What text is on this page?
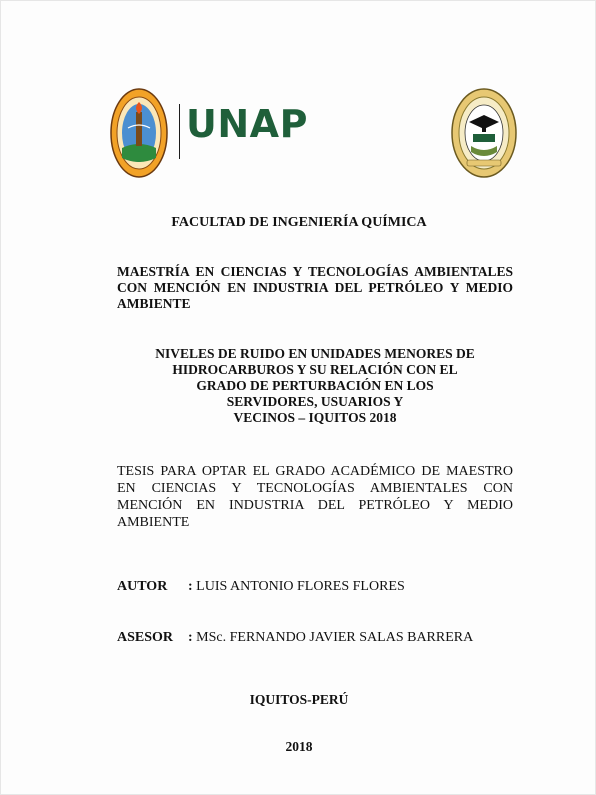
UNAP
FACULTAD DE INGENIERÍA QUÍMICA
MAESTRÍA EN CIENCIAS Y TECNOLOGÍAS AMBIENTALES CON MENCIÓN EN INDUSTRIA DEL PETRÓLEO Y MEDIO AMBIENTE
NIVELES DE RUIDO EN UNIDADES MENORES DE
HIDROCARBUROS Y SU RELACIÓN CON EL
GRADO DE PERTURBACIÓN EN LOS
SERVIDORES, USUARIOS Y
VECINOS – IQUITOS 2018
TESIS PARA OPTAR EL GRADO ACADÉMICO DE MAESTRO EN CIENCIAS Y TECNOLOGÍAS AMBIENTALES CON MENCIÓN EN INDUSTRIA DEL PETRÓLEO Y MEDIO AMBIENTE
AUTOR : LUIS ANTONIO FLORES FLORES
ASESOR : MSc. FERNANDO JAVIER SALAS BARRERA
IQUITOS-PERÚ
2018
